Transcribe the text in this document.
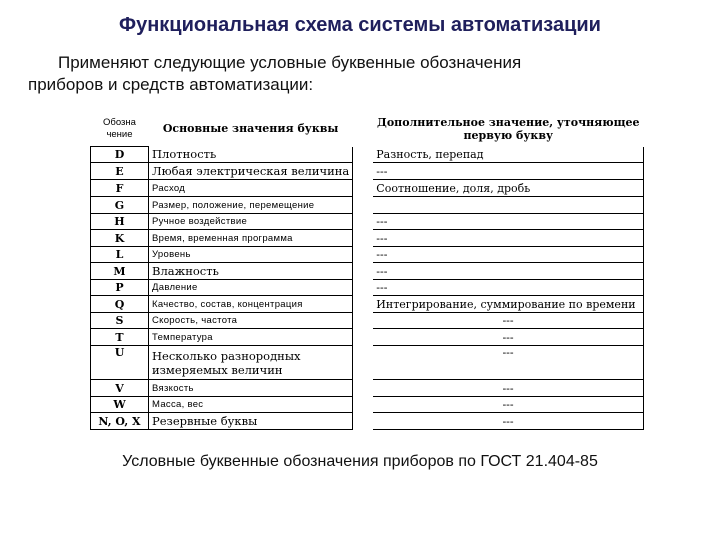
Функциональная схема системы автоматизации
Применяют следующие условные буквенные обозначения
приборов и средств автоматизации:
Обозна чение	Основные значения буквы		Дополнительное значение, уточняющее первую букву
D	Плотность		Разность, перепад
E	Любая электрическая величина		---
F	Расход		Соотношение, доля, дробь
G	Размер, положение, перемещение		
H	Ручное воздействие		---
K	Время, временная программа		---
L	Уровень		---
M	Влажность		---
P	Давление		---
Q	Качество, состав, концентрация		Интегрирование, суммирование по времени
S	Скорость, частота		---
T	Температура		---
U	Несколько разнородных измеряемых величин		---
V	Вязкость		---
W	Масса, вес		---
N, O, X	Резервные буквы		---
Условные буквенные обозначения приборов по ГОСТ 21.404-85
